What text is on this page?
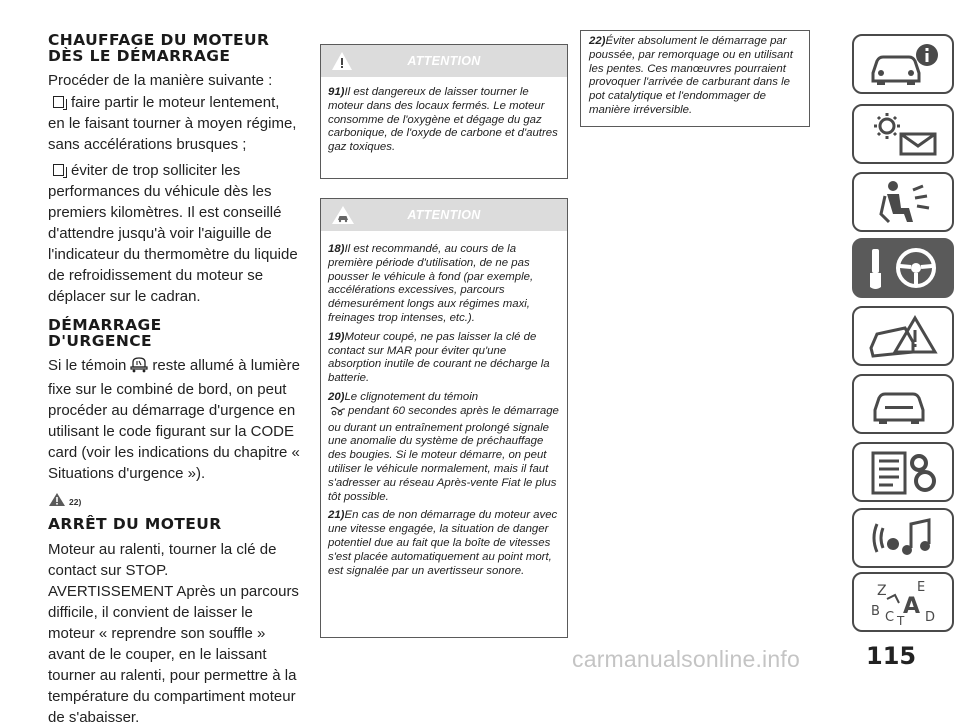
CHAUFFAGE DU MOTEUR DÈS LE DÉMARRAGE

Procéder de la manière suivante :

faire partir le moteur lentement, en le faisant tourner à moyen régime, sans accélérations brusques ;

éviter de trop solliciter les performances du véhicule dès les premiers kilomètres. Il est conseillé d'attendre jusqu'à voir l'aiguille de l'indicateur du thermomètre du liquide de refroidissement du moteur se déplacer sur le cadran.

DÉMARRAGE D'URGENCE

Si le témoin reste allumé à lumière fixe sur le combiné de bord, on peut procéder au démarrage d'urgence en utilisant le code figurant sur la CODE card (voir les indications du chapitre « Situations d'urgence »).

22)
ARRÊT DU MOTEUR

Moteur au ralenti, tourner la clé de contact sur STOP.

AVERTISSEMENT Après un parcours difficile, il convient de laisser le moteur « reprendre son souffle » avant de le couper, en le laissant tourner au ralenti, pour permettre à la température du compartiment moteur de s'abaisser.

ATTENTION

91)Il est dangereux de laisser tourner le moteur dans des locaux fermés. Le moteur consomme de l'oxygène et dégage du gaz carbonique, de l'oxyde de carbone et d'autres gaz toxiques.

ATTENTION

18)Il est recommandé, au cours de la première période d'utilisation, de ne pas pousser le véhicule à fond (par exemple, accélérations excessives, parcours démesurément longs aux régimes maxi, freinages trop intenses, etc.).

19)Moteur coupé, ne pas laisser la clé de contact sur MAR pour éviter qu'une absorption inutile de courant ne décharge la batterie.

20)Le clignotement du témoin
pendant 60 secondes après le démarrage ou durant un entraînement prolongé signale une anomalie du système de préchauffage des bougies. Si le moteur démarre, on peut utiliser le véhicule normalement, mais il faut s'adresser au réseau Après-vente Fiat le plus tôt possible.

21)En cas de non démarrage du moteur avec une vitesse engagée, la situation de danger potentiel due au fait que la boîte de vitesses s'est placée automatiquement au point mort, est signalée par un avertisseur sonore.

22)Éviter absolument le démarrage par poussée, par remorquage ou en utilisant les pentes. Ces manœuvres pourraient provoquer l'arrivée de carburant dans le pot catalytique et l'endommager de manière irréversible.
Z E
B A
C T D
115
carmanualsonline.info
